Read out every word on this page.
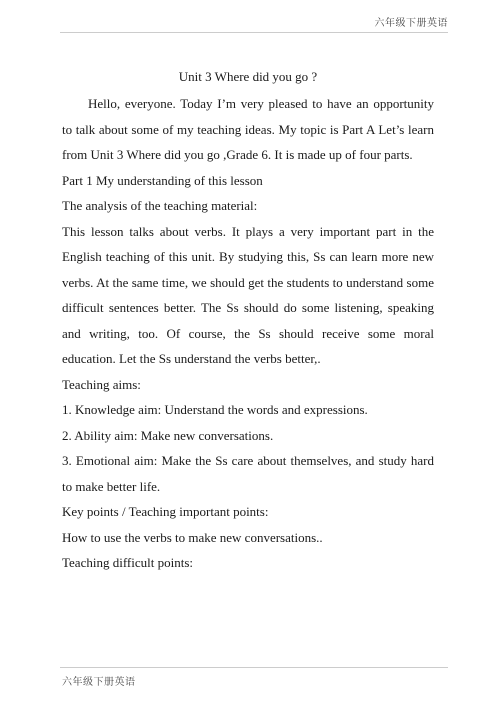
六年级下册英语

Unit 3 Where did you go ?

Hello, everyone. Today I’m very pleased to have an opportunity to talk about some of my teaching ideas. My topic is Part A Let’s learn from Unit 3 Where did you go ,Grade 6. It is made up of four parts.

Part 1 My understanding of this lesson

The analysis of the teaching material:

This lesson talks about verbs. It plays a very important part in the English teaching of this unit. By studying this, Ss can learn more new verbs. At the same time, we should get the students to understand some difficult sentences better. The Ss should do some listening, speaking and writing, too. Of course, the Ss should receive some moral education. Let the Ss understand the verbs better,.

Teaching aims:

1. Knowledge aim: Understand the words and expressions.

2. Ability aim: Make new conversations.

3. Emotional aim: Make the Ss care about themselves, and study hard to make better life.

Key points / Teaching important points:

How to use the verbs to make new conversations..

Teaching difficult points:

六年级下册英语
